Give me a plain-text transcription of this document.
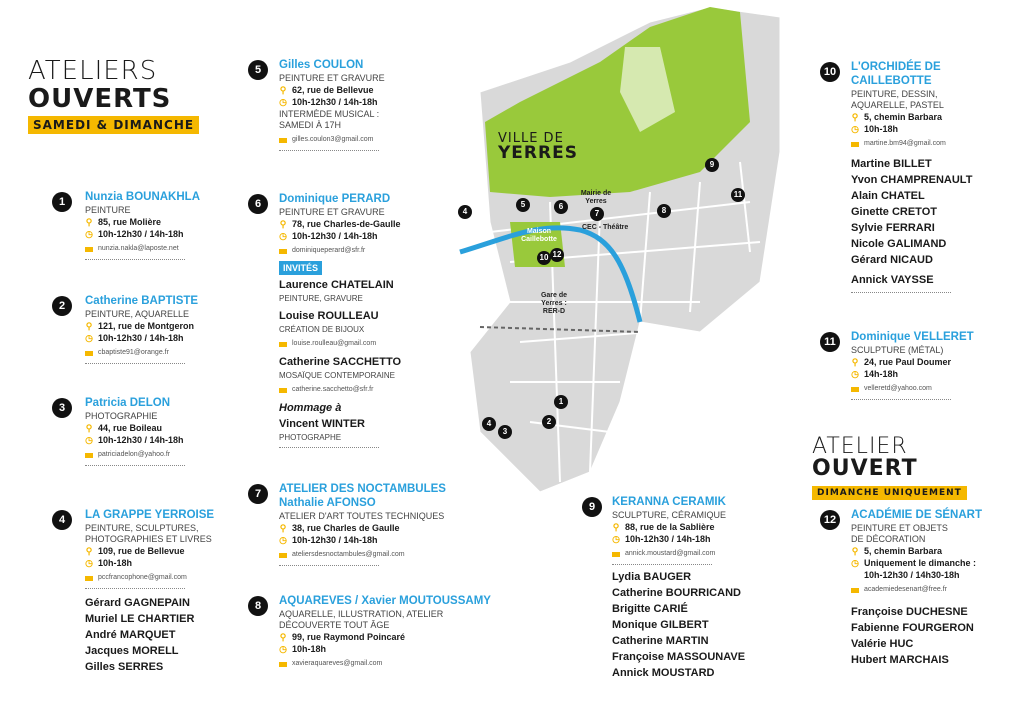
ATELIERS
OUVERTS
SAMEDI & DIMANCHE
VILLE DE
YERRES
Mairie de Yerres
CEC - Théâtre
Maison Caillebotte
Gare de Yerres : RER-D
1
2
3
4
4
5	6
7	8
9
10
11
12
1	Nunzia BOUNAKHLA
PEINTURE
⚲ 85, rue Molière
◷ 10h-12h30 / 14h-18h
nunzia.nakla@laposte.net
2	Catherine BAPTISTE
PEINTURE, AQUARELLE
⚲ 121, rue de Montgeron
◷ 10h-12h30 / 14h-18h
cbaptiste91@orange.fr
3	Patricia DELON
PHOTOGRAPHIE
⚲ 44, rue Boileau
◷ 10h-12h30 / 14h-18h
patriciadelon@yahoo.fr
4	LA GRAPPE YERROISE
PEINTURE, SCULPTURES, PHOTOGRAPHIES ET LIVRES
⚲ 109, rue de Bellevue
◷ 10h-18h
pccfrancophone@gmail.com
Gérard GAGNEPAIN
Muriel LE CHARTIER
André MARQUET
Jacques MORELL
Gilles SERRES
5	Gilles COULON
PEINTURE ET GRAVURE
⚲ 62, rue de Bellevue
◷ 10h-12h30 / 14h-18h
INTERMÈDE MUSICAL : SAMEDI À 17H
gilles.coulon3@gmail.com
6	Dominique PERARD
PEINTURE ET GRAVURE
⚲ 78, rue Charles-de-Gaulle
◷ 10h-12h30 / 14h-18h
dominiqueperard@sfr.fr
INVITÉS
Laurence CHATELAIN
PEINTURE, GRAVURE
Louise ROULLEAU
CRÉATION DE BIJOUX
louise.roulleau@gmail.com
Catherine SACCHETTO
MOSAÏQUE CONTEMPORAINE
catherine.sacchetto@sfr.fr
Hommage à
Vincent WINTER
PHOTOGRAPHE
7	ATELIER DES NOCTAMBULES
Nathalie AFONSO
ATELIER D'ART TOUTES TECHNIQUES
⚲ 38, rue Charles de Gaulle
◷ 10h-12h30 / 14h-18h
ateliersdesnoctambules@gmail.com
8	AQUAREVES / Xavier MOUTOUSSAMY
AQUARELLE, ILLUSTRATION, ATELIER DÉCOUVERTE TOUT ÂGE
⚲ 99, rue Raymond Poincaré
◷ 10h-18h
xavieraquareves@gmail.com
9	KERANNA CERAMIK
SCULPTURE, CÉRAMIQUE
⚲ 88, rue de la Sablière
◷ 10h-12h30 / 14h-18h
annick.moustard@gmail.com
Lydia BAUGER
Catherine BOURRICAND
Brigitte CARIÉ
Monique GILBERT
Catherine MARTIN
Françoise MASSOUNAVE
Annick MOUSTARD
10	L'ORCHIDÉE DE
CAILLEBOTTE
PEINTURE, DESSIN, AQUARELLE, PASTEL
⚲ 5, chemin Barbara
◷ 10h-18h
martine.bm94@gmail.com
Martine BILLET
Yvon CHAMPRENAULT
Alain CHATEL
Ginette CRETOT
Sylvie FERRARI
Nicole GALIMAND
Gérard NICAUD
Annick VAYSSE
11	Dominique VELLERET
SCULPTURE (MÉTAL)
⚲ 24, rue Paul Doumer
◷ 14h-18h
velleretd@yahoo.com
ATELIER
OUVERT
DIMANCHE UNIQUEMENT
12	ACADÉMIE DE SÉNART
PEINTURE ET OBJETS DE DÉCORATION
⚲ 5, chemin Barbara
◷ Uniquement le dimanche :
10h-12h30 / 14h30-18h
academiedesenart@free.fr
Françoise DUCHESNE
Fabienne FOURGERON
Valérie HUC
Hubert MARCHAIS
